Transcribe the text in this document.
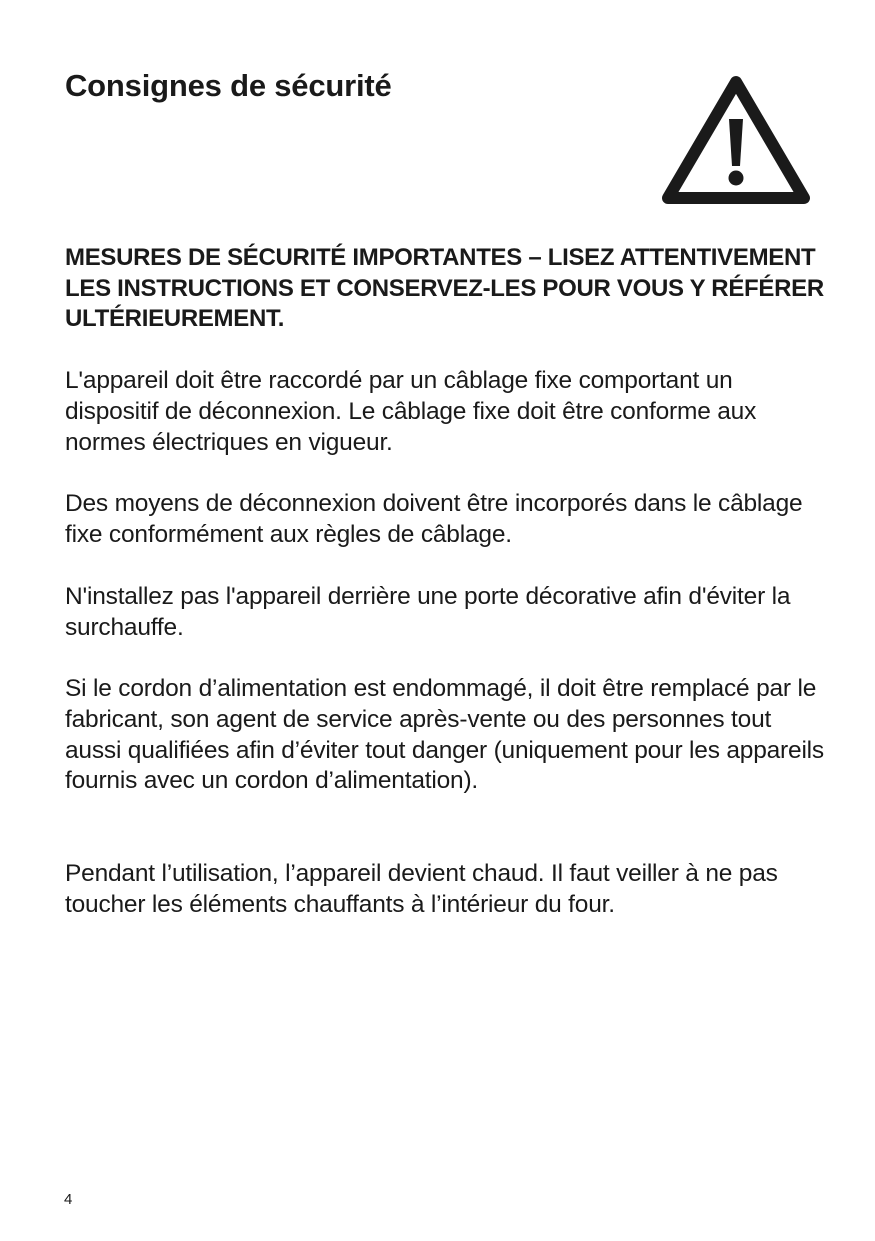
Consignes de sécurité

MESURES DE SÉCURITÉ IMPORTANTES – LISEZ ATTENTIVEMENT LES INSTRUCTIONS ET CONSERVEZ-LES POUR VOUS Y RÉFÉRER ULTÉRIEUREMENT.

L'appareil doit être raccordé par un câblage fixe comportant un dispositif de déconnexion. Le câblage fixe doit être conforme aux normes électriques en vigueur.

Des moyens de déconnexion doivent être incorporés dans le câblage fixe conformément aux règles de câblage.

N'installez pas l'appareil derrière une porte décorative afin d'éviter la surchauffe.

Si le cordon d’alimentation est endommagé, il doit être remplacé par le fabricant, son agent de service après-vente ou des personnes tout aussi qualifiées afin d’éviter tout danger (uniquement pour les appareils fournis avec un cordon d’alimentation).

Pendant l’utilisation, l’appareil devient chaud. Il faut veiller à ne pas toucher les éléments chauffants à l’intérieur du four.

4
